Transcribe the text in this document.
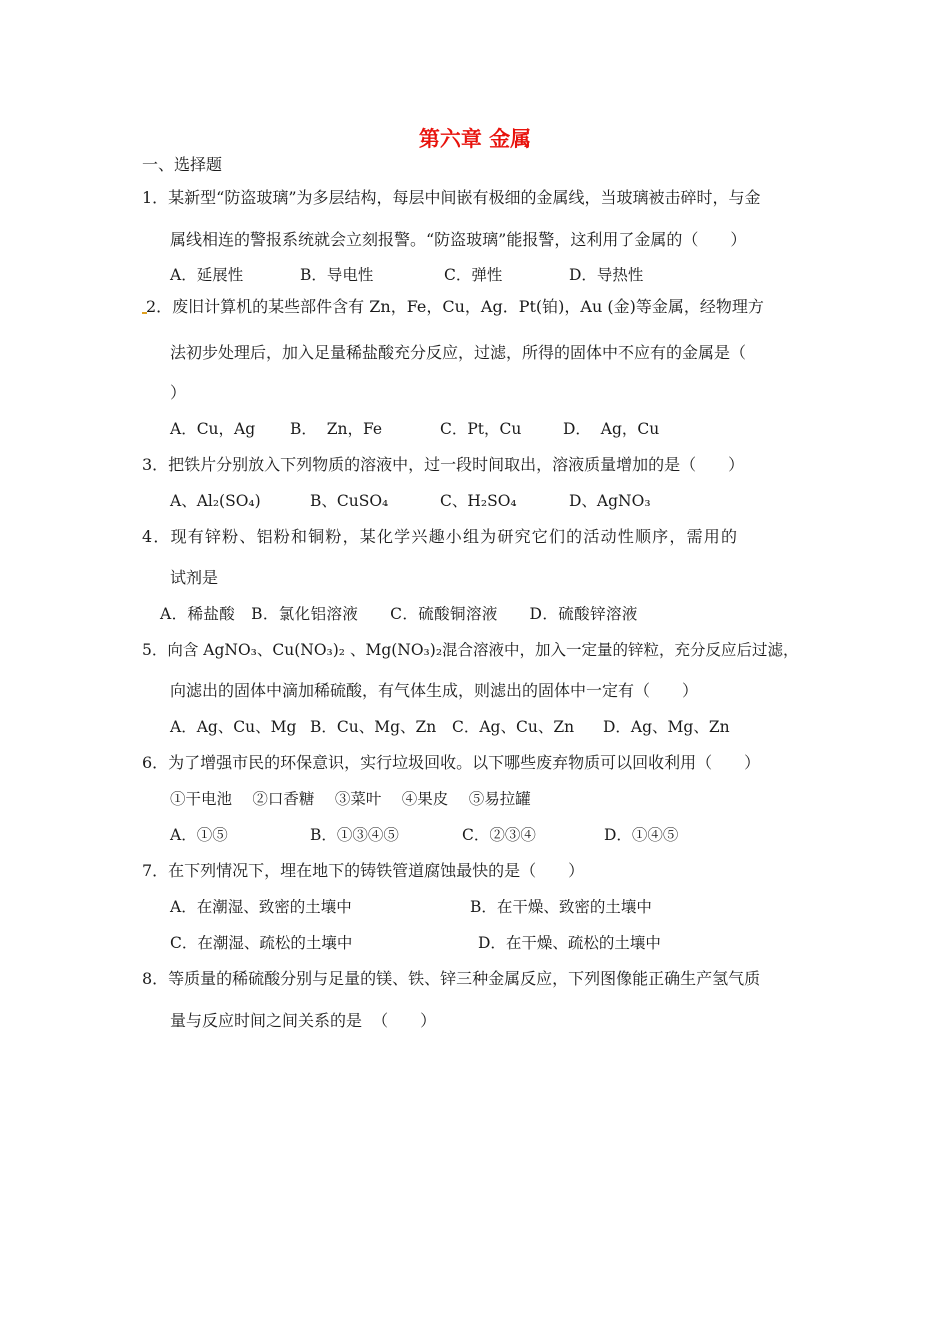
第六章 金属
一、选择题
1．某新型“防盗玻璃”为多层结构，每层中间嵌有极细的金属线，当玻璃被击碎时，与金
属线相连的警报系统就会立刻报警。“防盗玻璃”能报警，这利用了金属的（　　）
A．延展性	B．导电性	C．弹性	D．导热性
2．废旧计算机的某些部件含有 Zn，Fe，Cu，Ag．Pt(铂)，Au (金)等金属，经物理方
法初步处理后，加入足量稀盐酸充分反应，过滤，所得的固体中不应有的金属是（
）
A．Cu，Ag B．  Zn，Fe	C．Pt，Cu	D．  Ag，Cu
3．把铁片分别放入下列物质的溶液中，过一段时间取出，溶液质量增加的是（　　）
A、Al₂(SO₄)	B、CuSO₄	C、H₂SO₄	D、AgNO₃
4．现有锌粉、铝粉和铜粉，某化学兴趣小组为研究它们的活动性顺序，需用的
试剂是
A．稀盐酸　B．氯化铝溶液　　C．硫酸铜溶液　　D．硫酸锌溶液
5．向含 AgNO₃、Cu(NO₃)₂ 、Mg(NO₃)₂混合溶液中，加入一定量的锌粒，充分反应后过滤，
向滤出的固体中滴加稀硫酸，有气体生成，则滤出的固体中一定有（　　）
A．Ag、Cu、Mg B．Cu、Mg、Zn C．Ag、Cu、Zn D．Ag、Mg、Zn
6．为了增强市民的环保意识，实行垃圾回收。以下哪些废弃物质可以回收利用（　　）
①干电池　 ②口香糖　 ③菜叶　 ④果皮　 ⑤易拉罐
A．①⑤	B．①③④⑤	C．②③④	D．①④⑤
7．在下列情况下，埋在地下的铸铁管道腐蚀最快的是（　　）
A．在潮湿、致密的土壤中	B．在干燥、致密的土壤中
C．在潮湿、疏松的土壤中	D．在干燥、疏松的土壤中
8．等质量的稀硫酸分别与足量的镁、铁、锌三种金属反应，下列图像能正确生产氢气质
量与反应时间之间关系的是  （　　）
